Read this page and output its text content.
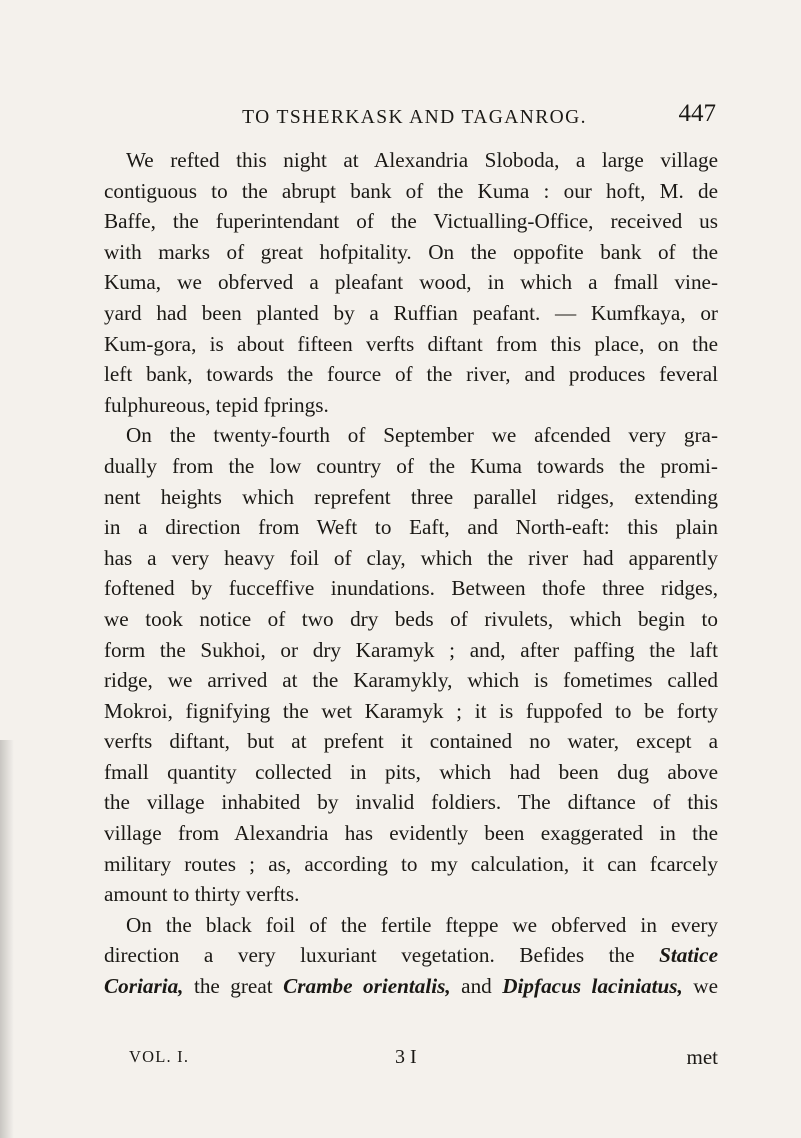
TO TSHERKASK AND TAGANROG.	447
We refted this night at Alexandria Sloboda, a large village
contiguous to the abrupt bank of the Kuma : our hoft, M. de
Baffe, the fuperintendant of the Victualling-Office, received us
with marks of great hofpitality. On the oppofite bank of the
Kuma, we obferved a pleafant wood, in which a fmall vine-
yard had been planted by a Ruffian peafant. — Kumfkaya, or
Kum-gora, is about fifteen verfts diftant from this place, on the
left bank, towards the fource of the river, and produces feveral
fulphureous, tepid fprings.
On the twenty-fourth of September we afcended very gra-
dually from the low country of the Kuma towards the promi-
nent heights which reprefent three parallel ridges, extending
in a direction from Weft to Eaft, and North-eaft: this plain
has a very heavy foil of clay, which the river had apparently
foftened by fucceffive inundations. Between thofe three ridges,
we took notice of two dry beds of rivulets, which begin to
form the Sukhoi, or dry Karamyk ; and, after paffing the laft
ridge, we arrived at the Karamykly, which is fometimes called
Mokroi, fignifying the wet Karamyk ; it is fuppofed to be forty
verfts diftant, but at prefent it contained no water, except a
fmall quantity collected in pits, which had been dug above
the village inhabited by invalid foldiers. The diftance of this
village from Alexandria has evidently been exaggerated in the
military routes ; as, according to my calculation, it can fcarcely
amount to thirty verfts.
On the black foil of the fertile fteppe we obferved in every
direction a very luxuriant vegetation. Befides the Statice
Coriaria, the great Crambe orientalis, and Dipfacus laciniatus, we
VOL. I.	3 I	met
